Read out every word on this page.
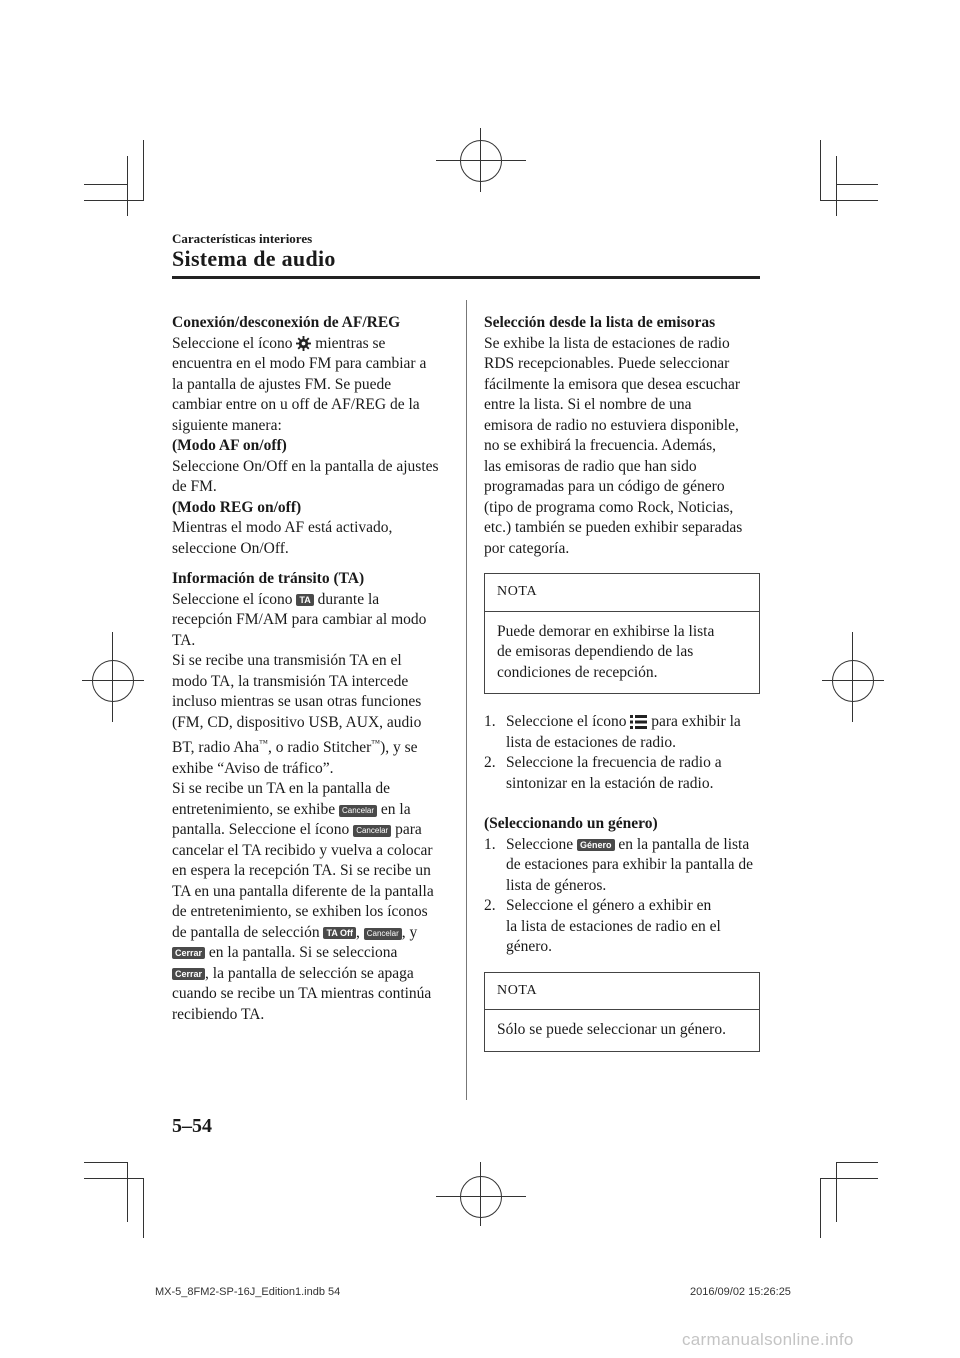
Características interiores
Sistema de audio

Conexión/desconexión de AF/REG

Seleccione el ícono mientras se

encuentra en el modo FM para cambiar a

la pantalla de ajustes FM. Se puede

cambiar entre on u off de AF/REG de la

siguiente manera:

(Modo AF on/off)

Seleccione On/Off en la pantalla de ajustes

de FM.

(Modo REG on/off)

Mientras el modo AF está activado,

seleccione On/Off.

Información de tránsito (TA)

Seleccione el ícono TA durante la

recepción FM/AM para cambiar al modo

TA.

Si se recibe una transmisión TA en el

modo TA, la transmisión TA intercede

incluso mientras se usan otras funciones

(FM, CD, dispositivo USB, AUX, audio

BT, radio Aha™, o radio Stitcher™), y se

exhibe “Aviso de tráfico”.

Si se recibe un TA en la pantalla de

entretenimiento, se exhibe Cancelar en la

pantalla. Seleccione el ícono Cancelar para

cancelar el TA recibido y vuelva a colocar

en espera la recepción TA. Si se recibe un

TA en una pantalla diferente de la pantalla

de entretenimiento, se exhiben los íconos

de pantalla de selección TA Off , Cancelar , y

Cerrar en la pantalla. Si se selecciona

Cerrar , la pantalla de selección se apaga

cuando se recibe un TA mientras continúa

recibiendo TA.

Selección desde la lista de emisoras

Se exhibe la lista de estaciones de radio

RDS recepcionables. Puede seleccionar

fácilmente la emisora que desea escuchar

entre la lista. Si el nombre de una

emisora de radio no estuviera disponible,

no se exhibirá la frecuencia. Además,

las emisoras de radio que han sido

programadas para un código de género

(tipo de programa como Rock, Noticias,

etc.) también se pueden exhibir separadas

por categoría.

NOTA

Puede demorar en exhibirse la lista

de emisoras dependiendo de las

condiciones de recepción.

1. Seleccione el ícono para exhibir la
lista de estaciones de radio.
2. Seleccione la frecuencia de radio a
sintonizar en la estación de radio.

(Seleccionando un género)

1. Seleccione Género en la pantalla de lista
de estaciones para exhibir la pantalla de
lista de géneros.
2. Seleccione el género a exhibir en
la lista de estaciones de radio en el
género.
NOTA

Sólo se puede seleccionar un género.

5–54
MX-5_8FM2-SP-16J_Edition1.indb 54	2016/09/02 15:26:25
carmanualsonline.info
